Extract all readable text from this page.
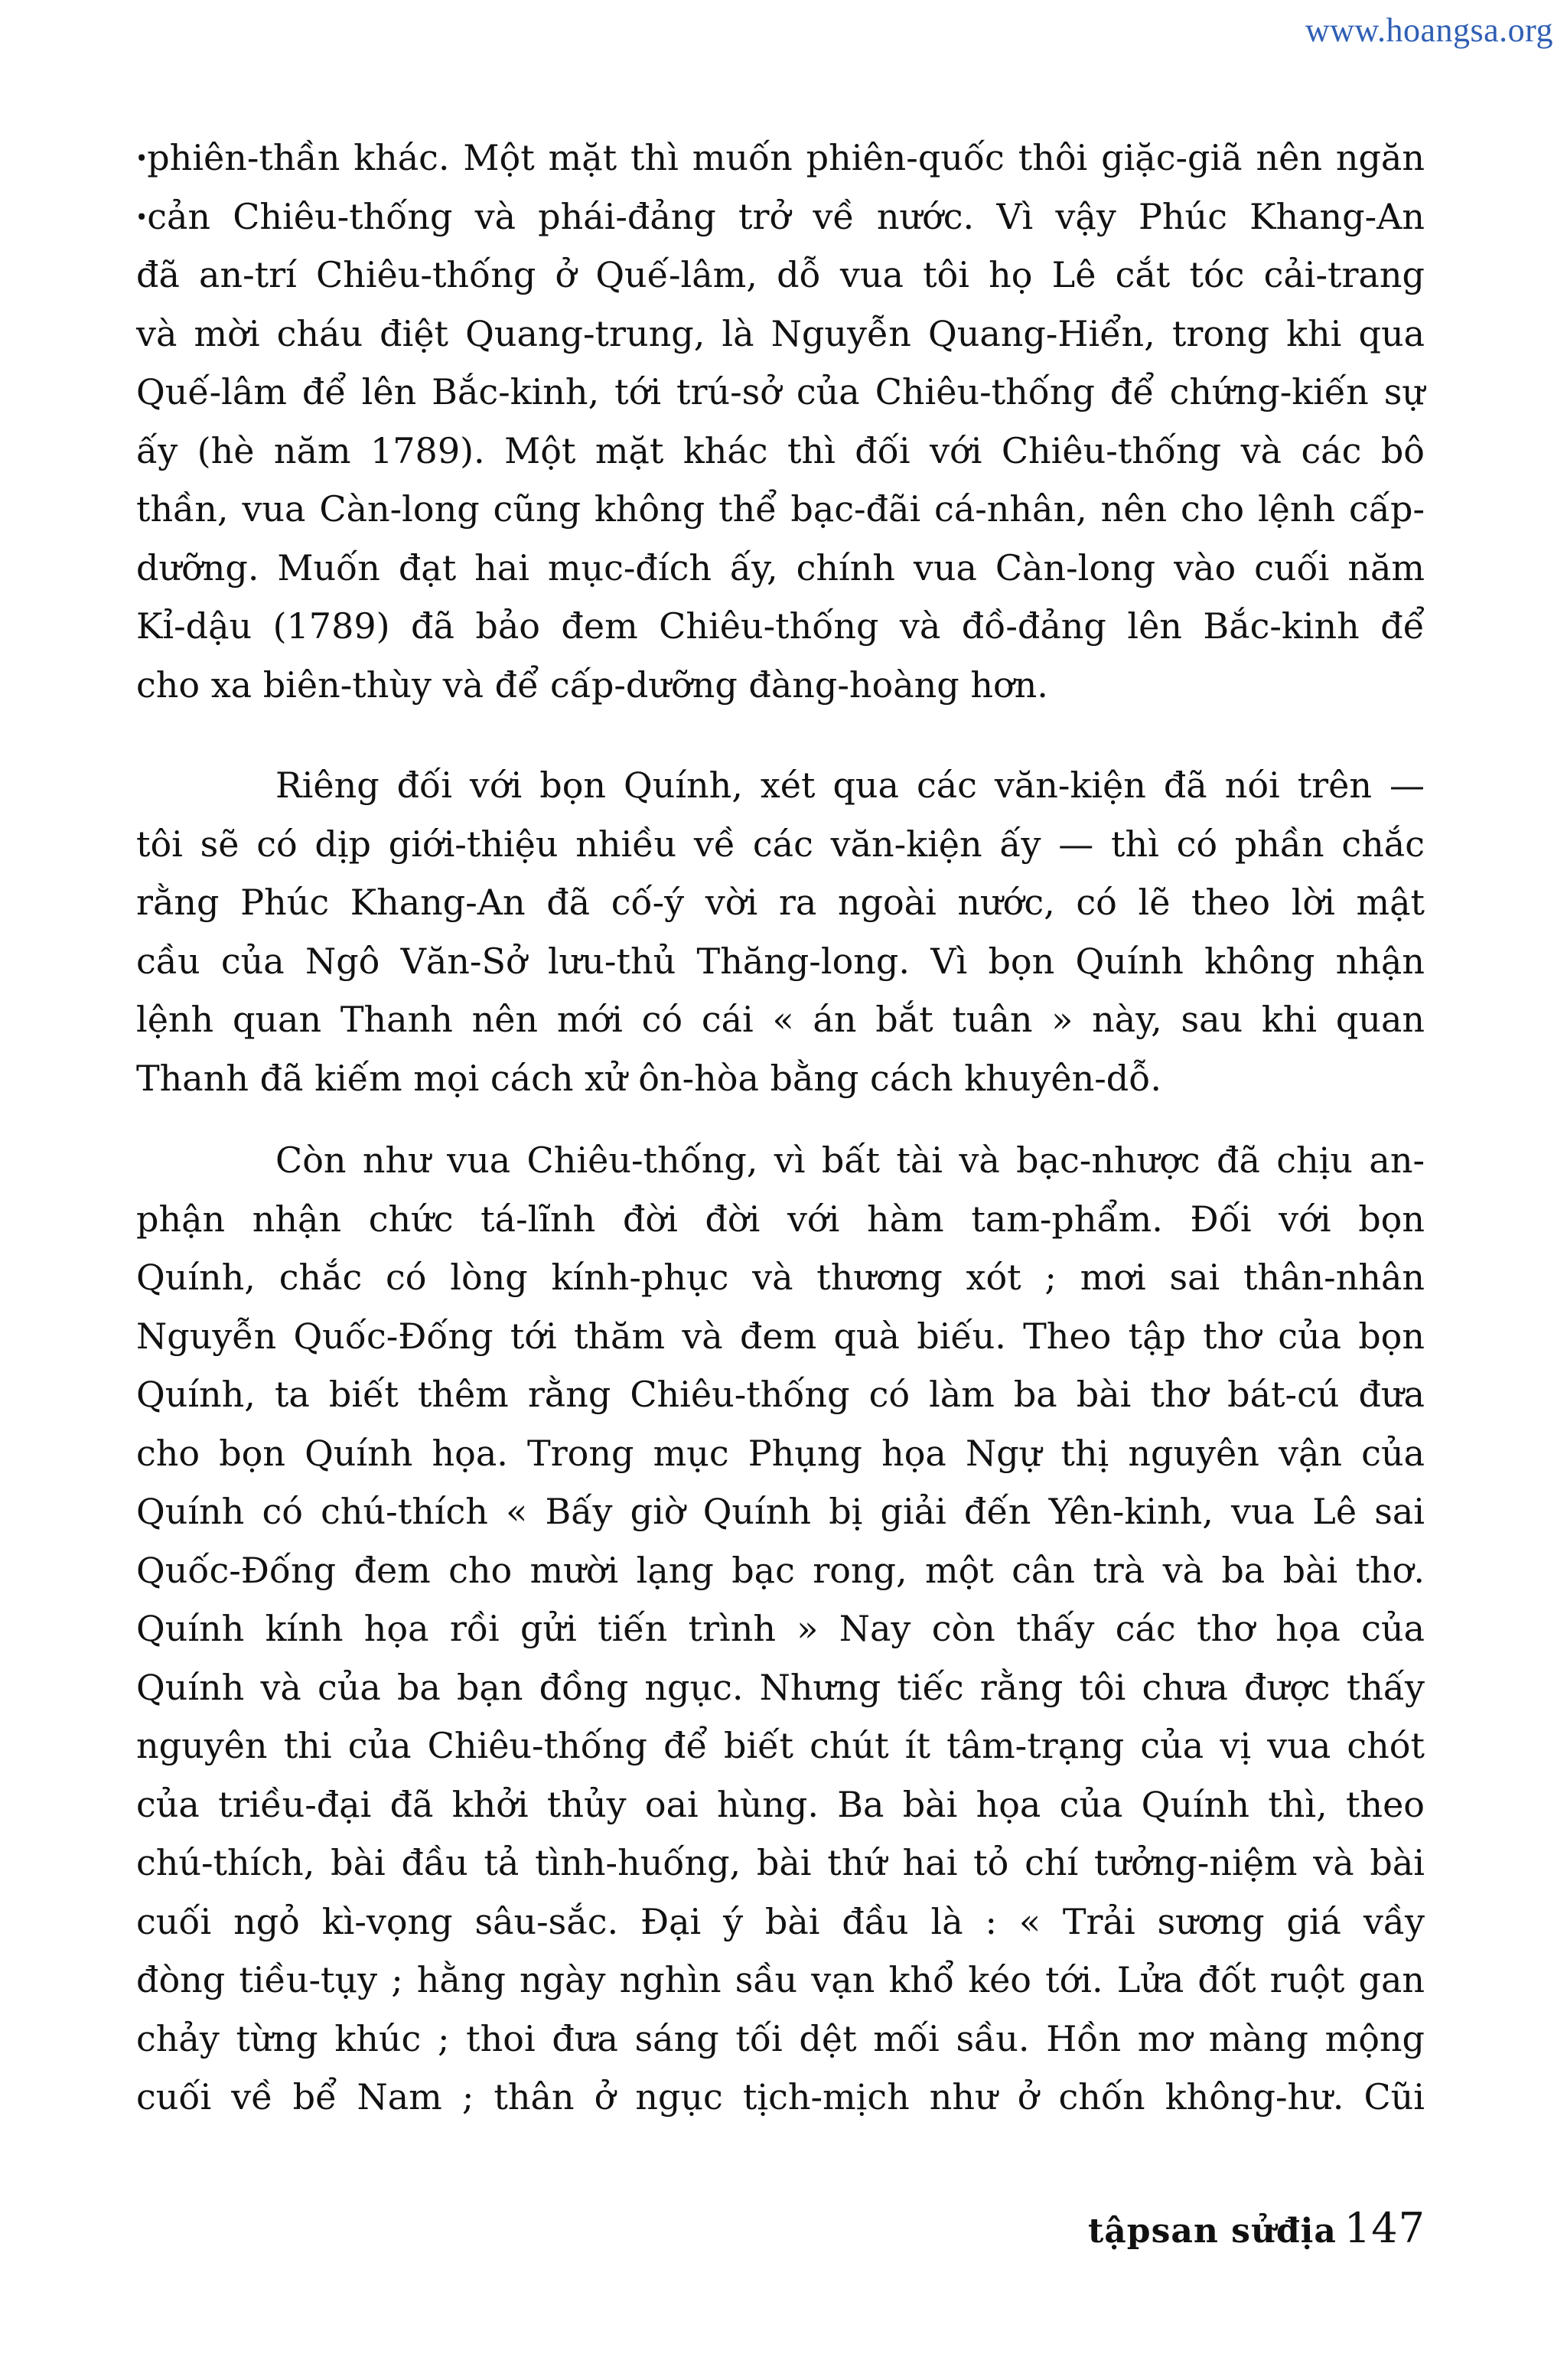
www.hoangsa.org
ꞏphiên-thần khác. Một mặt thì muốn phiên-quốc thôi giặc-giã nên ngăn
ꞏcản Chiêu-thống và phái-đảng trở về nước. Vì vậy Phúc Khang-An
đã an-trí Chiêu-thống ở Quế-lâm, dỗ vua tôi họ Lê cắt tóc cải-trang
và mời cháu điệt Quang-trung, là Nguyễn Quang-Hiển, trong khi qua
Quế-lâm để lên Bắc-kinh, tới trú-sở của Chiêu-thống để chứng-kiến sự
ấy (hè năm 1789). Một mặt khác thì đối với Chiêu-thống và các bô
thần, vua Càn-long cũng không thể bạc-đãi cá-nhân, nên cho lệnh cấp-
dưỡng. Muốn đạt hai mục-đích ấy, chính vua Càn-long vào cuối năm
Kỉ-dậu (1789) đã bảo đem Chiêu-thống và đồ-đảng lên Bắc-kinh để
cho xa biên-thùy và để cấp-dưỡng đàng-hoàng hơn.
Riêng đối với bọn Quính, xét qua các văn-kiện đã nói trên —
tôi sẽ có dịp giới-thiệu nhiều về các văn-kiện ấy — thì có phần chắc
rằng Phúc Khang-An đã cố-ý vời ra ngoài nước, có lẽ theo lời mật
cầu của Ngô Văn-Sở lưu-thủ Thăng-long. Vì bọn Quính không nhận
lệnh quan Thanh nên mới có cái « án bắt tuân » này, sau khi quan
Thanh đã kiếm mọi cách xử ôn-hòa bằng cách khuyên-dỗ.
Còn như vua Chiêu-thống, vì bất tài và bạc-nhược đã chịu an-
phận nhận chức tá-lĩnh đời đời với hàm tam-phẩm. Đối với bọn
Quính, chắc có lòng kính-phục và thương xót ; mơi sai thân-nhân
Nguyễn Quốc-Đống tới thăm và đem quà biếu. Theo tập thơ của bọn
Quính, ta biết thêm rằng Chiêu-thống có làm ba bài thơ bát-cú đưa
cho bọn Quính họa. Trong mục Phụng họa Ngự thị nguyên vận của
Quính có chú-thích « Bấy giờ Quính bị giải đến Yên-kinh, vua Lê sai
Quốc-Đống đem cho mười lạng bạc rong, một cân trà và ba bài thơ.
Quính kính họa rồi gửi tiến trình » Nay còn thấy các thơ họa của
Quính và của ba bạn đồng ngục. Nhưng tiếc rằng tôi chưa được thấy
nguyên thi của Chiêu-thống để biết chút ít tâm-trạng của vị vua chót
của triều-đại đã khởi thủy oai hùng. Ba bài họa của Quính thì, theo
chú-thích, bài đầu tả tình-huống, bài thứ hai tỏ chí tưởng-niệm và bài
cuối ngỏ kì-vọng sâu-sắc. Đại ý bài đầu là : « Trải sương giá vầy
đòng tiều-tụy ; hằng ngày nghìn sầu vạn khổ kéo tới. Lửa đốt ruột gan
chảy từng khúc ; thoi đưa sáng tối dệt mối sầu. Hồn mơ màng mộng
cuối về bể Nam ; thân ở ngục tịch-mịch như ở chốn không-hư. Cũi
tậpsan sửđịa 147
